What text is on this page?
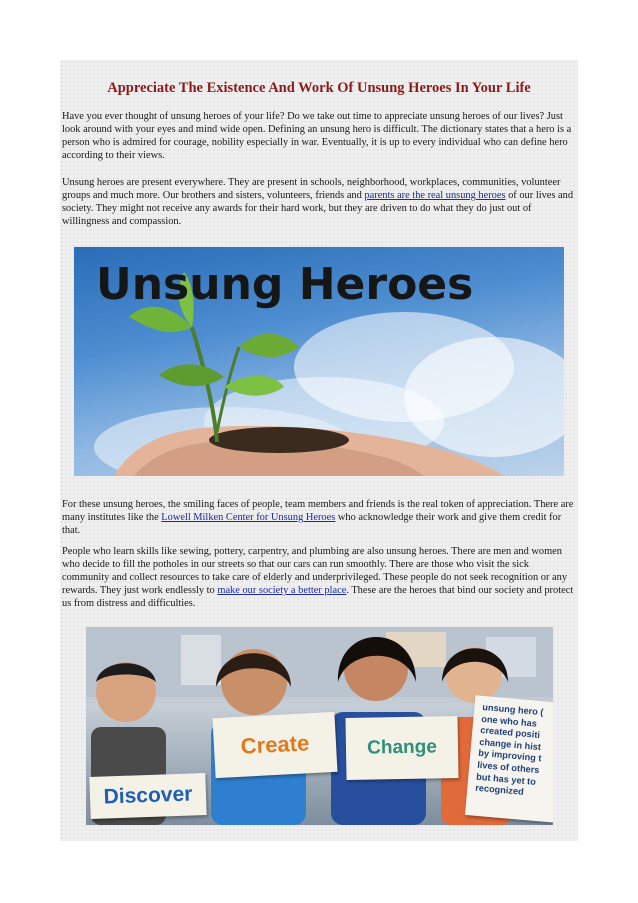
Appreciate The Existence And Work Of Unsung Heroes In Your Life

Have you ever thought of unsung heroes of your life? Do we take out time to appreciate unsung heroes of our lives? Just look around with your eyes and mind wide open. Defining an unsung hero is difficult. The dictionary states that a hero is a person who is admired for courage, nobility especially in war. Eventually, it is up to every individual who can define hero according to their views.

Unsung heroes are present everywhere. They are present in schools, neighborhood, workplaces, communities, volunteer groups and much more. Our brothers and sisters, volunteers, friends and parents are the real unsung heroes of our lives and society. They might not receive any awards for their hard work, but they are driven to do what they do just out of willingness and compassion.

Unsung Heroes

For these unsung heroes, the smiling faces of people, team members and friends is the real token of appreciation. There are many institutes like the Lowell Milken Center for Unsung Heroes who acknowledge their work and give them credit for that.

People who learn skills like sewing, pottery, carpentry, and plumbing are also unsung heroes. There are men and women who decide to fill the potholes in our streets so that our cars can run smoothly. There are those who visit the sick community and collect resources to take care of elderly and underprivileged. These people do not seek recognition or any rewards. They just work endlessly to make our society a better place. These are the heroes that bind our society and protect us from distress and difficulties.

Discover
Create	Change
unsung hero (
one who has
created positi
change in hist
by improving t
lives of others
but has yet to
recognized
